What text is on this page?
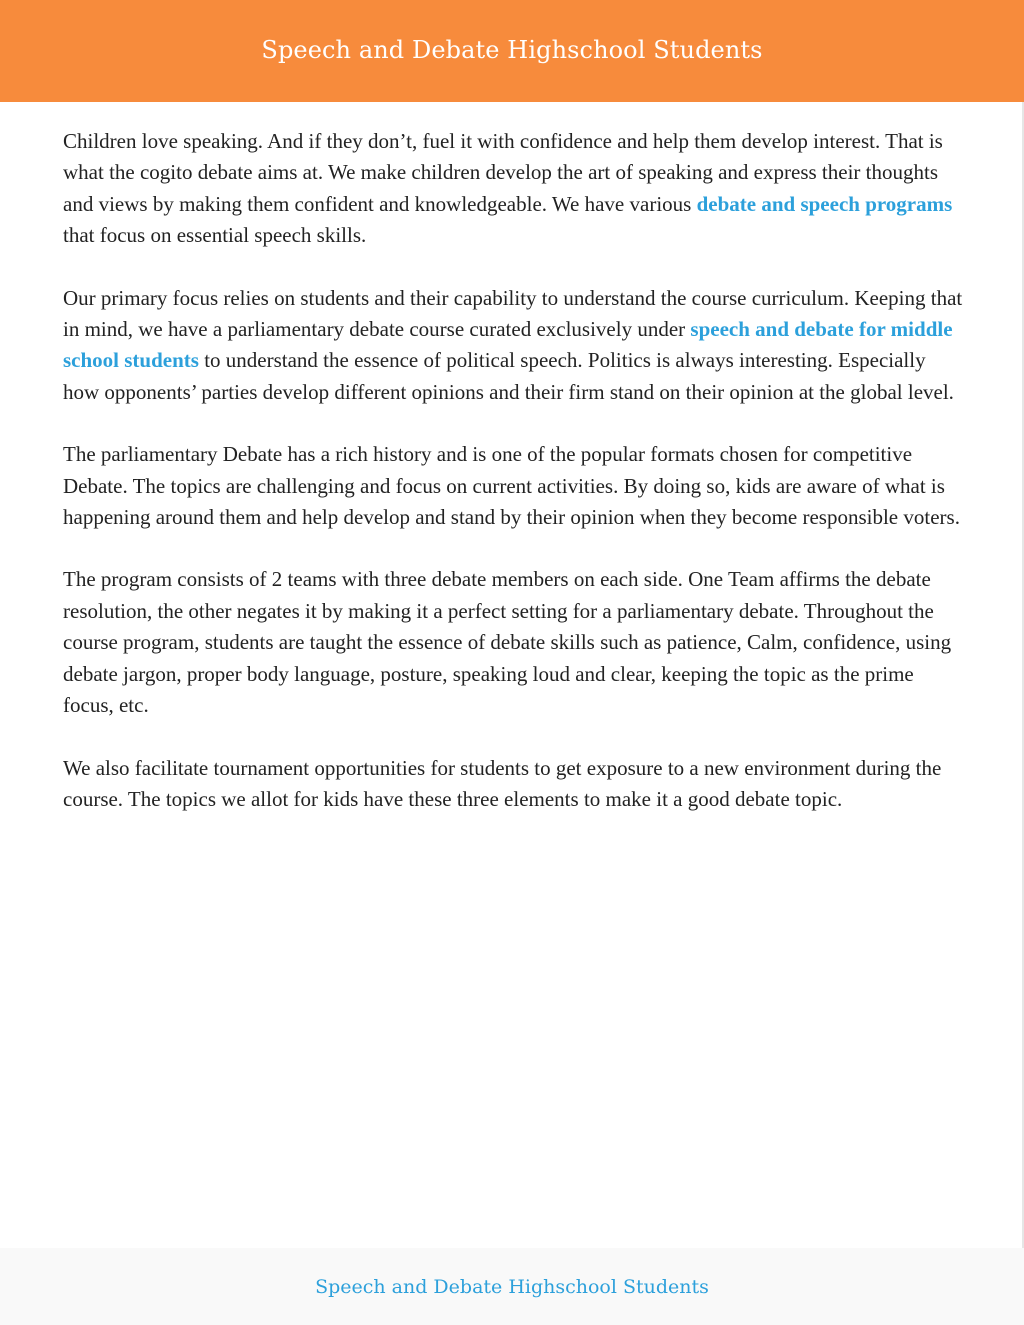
Speech and Debate Highschool Students

Children love speaking. And if they don’t, fuel it with confidence and help them develop interest. That is what the cogito debate aims at. We make children develop the art of speaking and express their thoughts and views by making them confident and knowledgeable. We have various debate and speech programs that focus on essential speech skills.

Our primary focus relies on students and their capability to understand the course curriculum. Keeping that in mind, we have a parliamentary debate course curated exclusively under speech and debate for middle school students to understand the essence of political speech. Politics is always interesting. Especially how opponents’ parties develop different opinions and their firm stand on their opinion at the global level.

The parliamentary Debate has a rich history and is one of the popular formats chosen for competitive Debate. The topics are challenging and focus on current activities. By doing so, kids are aware of what is happening around them and help develop and stand by their opinion when they become responsible voters.

The program consists of 2 teams with three debate members on each side. One Team affirms the debate resolution, the other negates it by making it a perfect setting for a parliamentary debate. Throughout the course program, students are taught the essence of debate skills such as patience, Calm, confidence, using debate jargon, proper body language, posture, speaking loud and clear, keeping the topic as the prime focus, etc.

We also facilitate tournament opportunities for students to get exposure to a new environment during the course. The topics we allot for kids have these three elements to make it a good debate topic.

Speech and Debate Highschool Students
